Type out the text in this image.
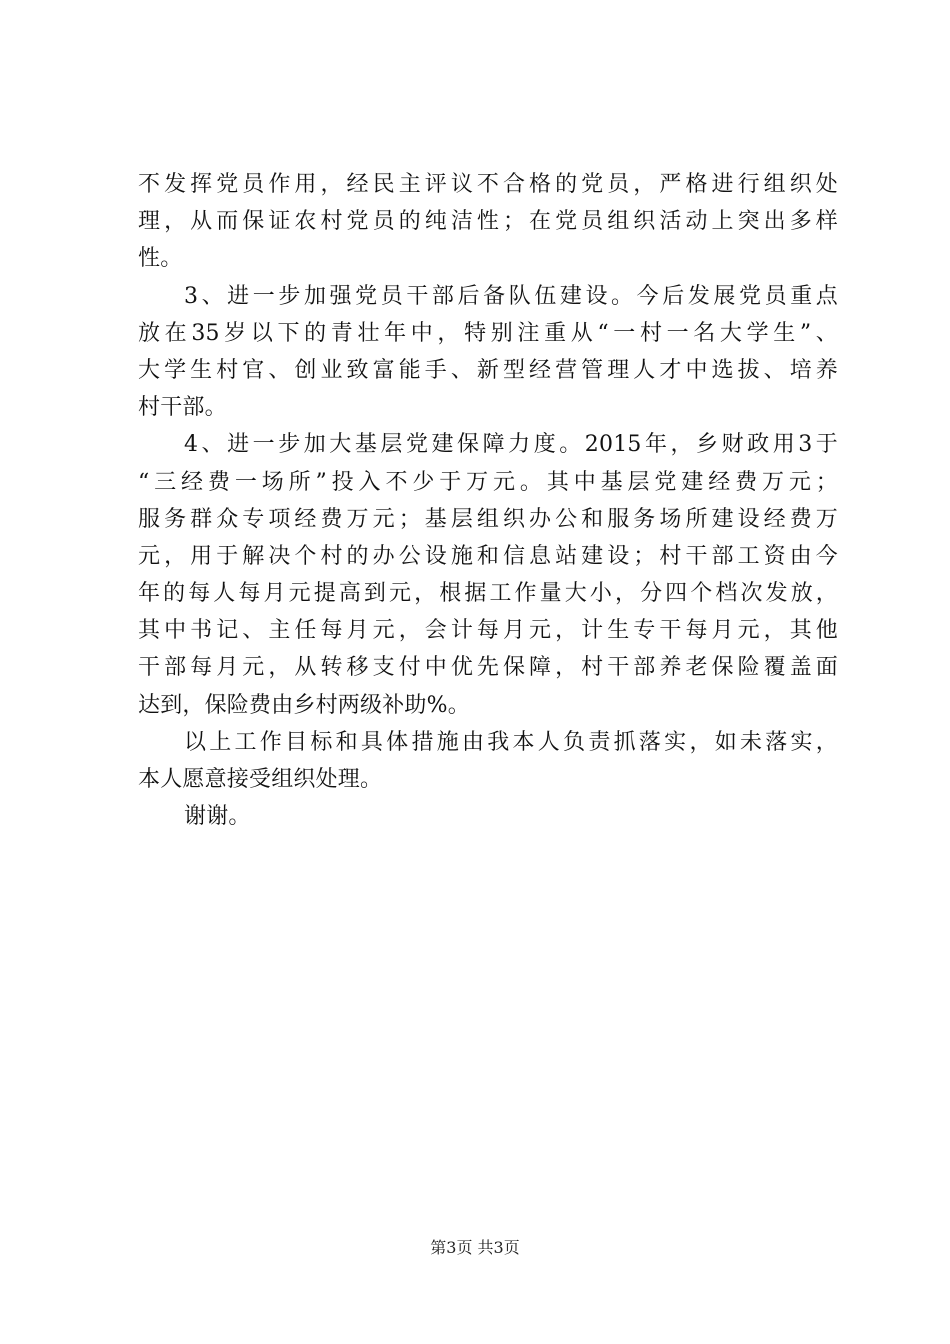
不发挥党员作用，经民主评议不合格的党员，严格进行组织处
理，从而保证农村党员的纯洁性；在党员组织活动上突出多样
性。
3、进一步加强党员干部后备队伍建设。今后发展党员重点
放在35岁以下的青壮年中，特别注重从“一村一名大学生”、
大学生村官、创业致富能手、新型经营管理人才中选拔、培养
村干部。
4、进一步加大基层党建保障力度。2015年，乡财政用3于
“三经费一场所”投入不少于万元。其中基层党建经费万元；
服务群众专项经费万元；基层组织办公和服务场所建设经费万
元，用于解决个村的办公设施和信息站建设；村干部工资由今
年的每人每月元提高到元，根据工作量大小，分四个档次发放，
其中书记、主任每月元，会计每月元，计生专干每月元，其他
干部每月元，从转移支付中优先保障，村干部养老保险覆盖面
达到，保险费由乡村两级补助%。
以上工作目标和具体措施由我本人负责抓落实，如未落实，
本人愿意接受组织处理。
谢谢。
第3页 共3页
